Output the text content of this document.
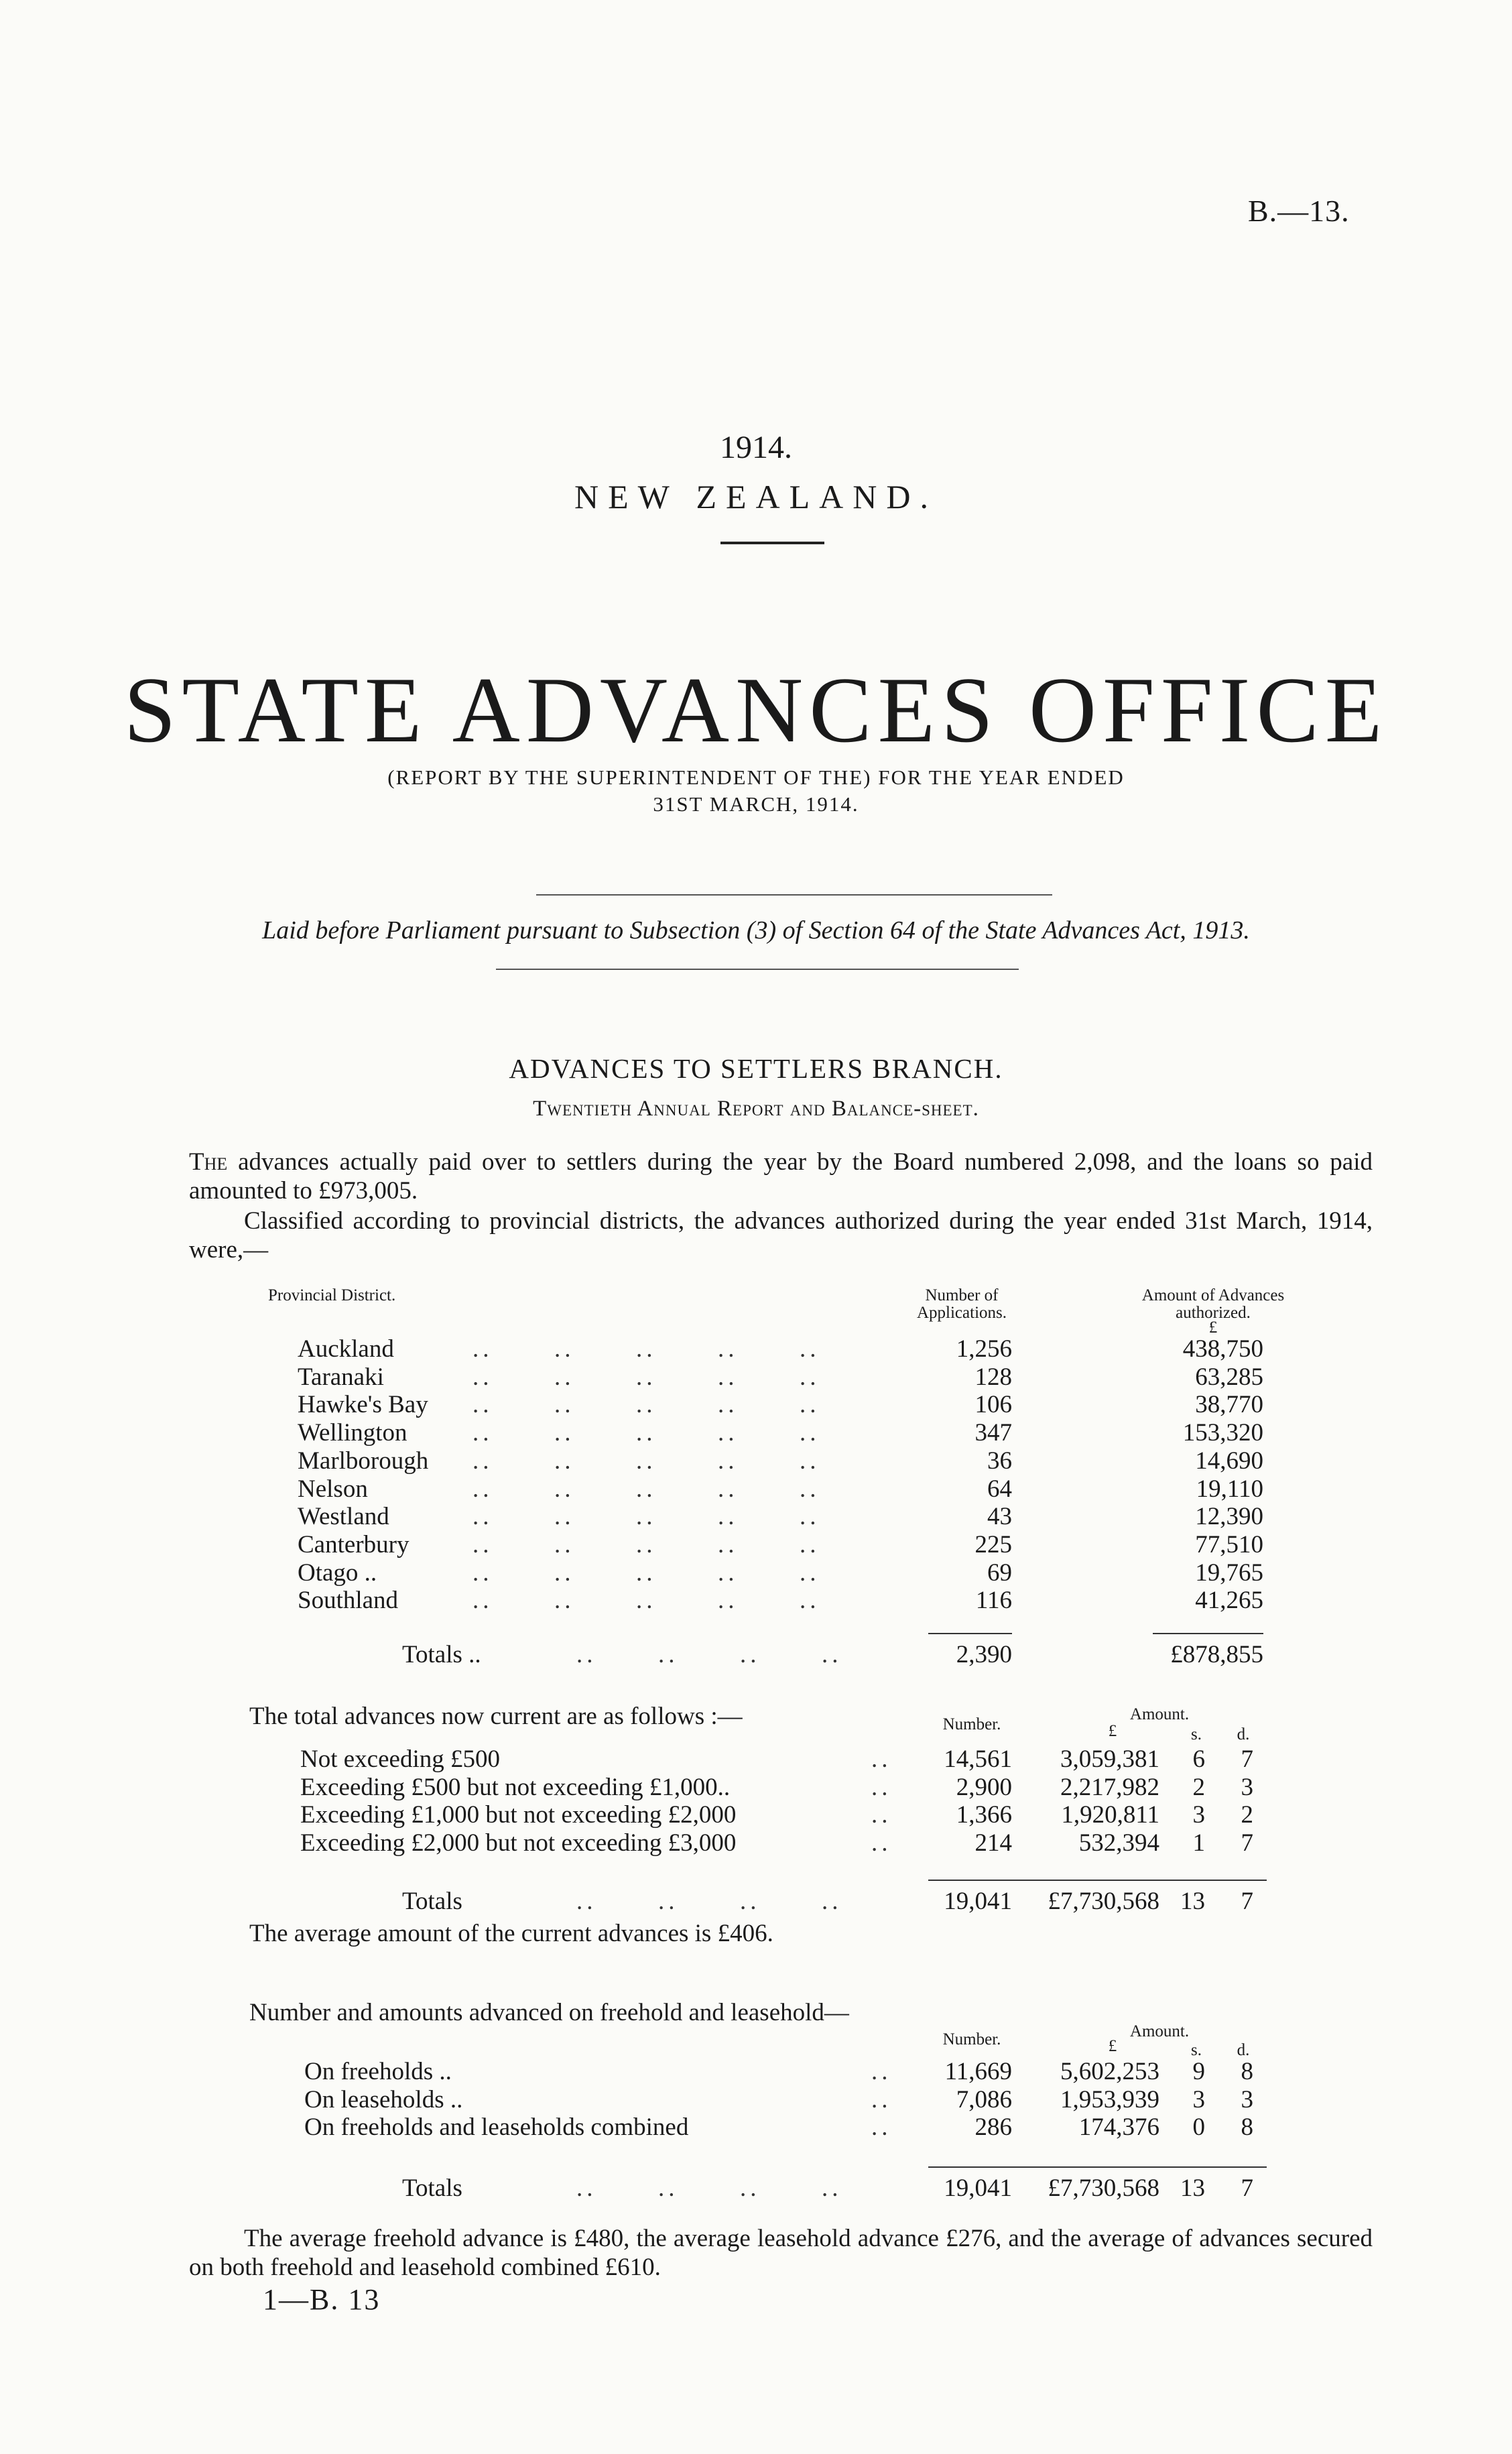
B.—13.
1914.
NEW ZEALAND.
STATE ADVANCES OFFICE
(REPORT BY THE SUPERINTENDENT OF THE) FOR THE YEAR ENDED
31ST MARCH, 1914.
Laid before Parliament pursuant to Subsection (3) of Section 64 of the State Advances Act, 1913.
ADVANCES TO SETTLERS BRANCH.
Twentieth Annual Report and Balance-sheet.
The advances actually paid over to settlers during the year by the Board numbered 2,098, and the loans so paid amounted to £973,005.
Classified according to provincial districts, the advances authorized during the year ended 31st March, 1914, were,—
Provincial District.	Number of Applications.
Amount of Advances authorized.
£
Auckland	..      ..      ..      ..      ..	1,256	438,750
Taranaki	..      ..      ..      ..      ..	128	63,285
Hawke's Bay ..      ..      ..      ..      ..	106	38,770
Wellington	..      ..      ..      ..      ..	347	153,320
Marlborough ..      ..      ..      ..      ..	36	14,690
Nelson	..      ..      ..      ..      ..	64	19,110
Westland	..      ..      ..      ..      ..	43	12,390
Canterbury	..      ..      ..      ..      ..	225	77,510
Otago ..	..      ..      ..      ..      ..	69	19,765
Southland	..      ..      ..      ..      ..	116	41,265
Totals ..	..      ..      ..      ..	2,390	£878,855
The total advances now current are as follows :—	Number.
Amount.
£	s. d.
Not exceeding £500	..	14,561	3,059,381	6	7
Exceeding £500 but not exceeding £1,000..	..	2,900	2,217,982	2	3
Exceeding £1,000 but not exceeding £2,000	..	1,366	1,920,811	3	2
Exceeding £2,000 but not exceeding £3,000	..	214	532,394	1	7
Totals	..      ..      ..      ..	19,041	£7,730,568 13	7
The average amount of the current advances is £406.
Number and amounts advanced on freehold and leasehold—
Number.	Amount.
£	s. d.
On freeholds ..	..	11,669	5,602,253	9	8
On leaseholds ..	..	7,086	1,953,939	3	3
On freeholds and leaseholds combined	..	286	174,376	0	8
Totals	..      ..      ..      ..	19,041	£7,730,568 13	7
The average freehold advance is £480, the average leasehold advance £276, and the average of advances secured on both freehold and leasehold combined £610.
1—B. 13
